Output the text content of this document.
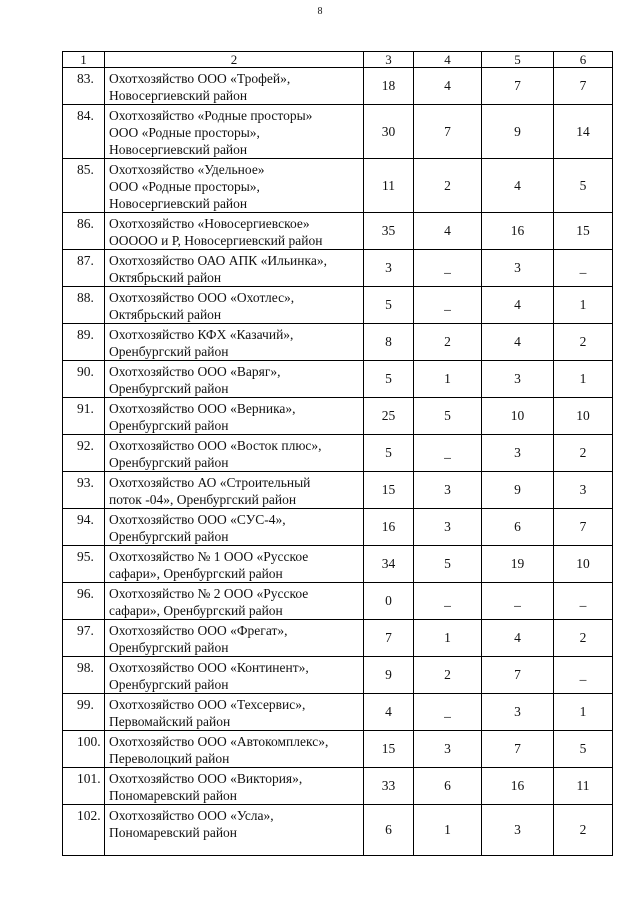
8
1	2	3	4	5	6
83.	Охотхозяйство ООО «Трофей»,
Новосергиевский район	18	4	7	7
84.	Охотхозяйство «Родные просторы»
ООО «Родные просторы»,
Новосергиевский район	30	7	9	14
85.	Охотхозяйство «Удельное»
ООО «Родные просторы»,
Новосергиевский район	11	2	4	5
86.	Охотхозяйство «Новосергиевское»
ОOOOО и Р, Новосергиевский район	35	4	16	15
87.	Охотхозяйство ОАО АПК «Ильинка»,
Октябрьский район	3	_	3	_
88.	Охотхозяйство ООО «Охотлес»,
Октябрьский район	5	_	4	1
89.	Охотхозяйство КФХ «Казачий»,
Оренбургский район	8	2	4	2
90.	Охотхозяйство ООО «Варяг»,
Оренбургский район	5	1	3	1
91.	Охотхозяйство ООО «Верника»,
Оренбургский район	25	5	10	10
92.	Охотхозяйство ООО «Восток плюс»,
Оренбургский район	5	_	3	2
93.	Охотхозяйство АО «Строительный
поток -04», Оренбургский район	15	3	9	3
94.	Охотхозяйство ООО «СУС-4»,
Оренбургский район	16	3	6	7
95.	Охотхозяйство № 1 ООО «Русское
сафари», Оренбургский район	34	5	19	10
96.	Охотхозяйство № 2 ООО «Русское
сафари», Оренбургский район	0	_	_	_
97.	Охотхозяйство ООО «Фрегат»,
Оренбургский район	7	1	4	2
98.	Охотхозяйство ООО «Континент»,
Оренбургский район	9	2	7	_
99.	Охотхозяйство ООО «Техсервис»,
Первомайский район	4	_	3	1
100.	Охотхозяйство ООО «Автокомплекс»,
Переволоцкий район	15	3	7	5
101.	Охотхозяйство ООО «Виктория»,
Пономаревский район	33	6	16	11
102.	Охотхозяйство ООО «Усла»,
Пономаревский район	6	1	3	2
